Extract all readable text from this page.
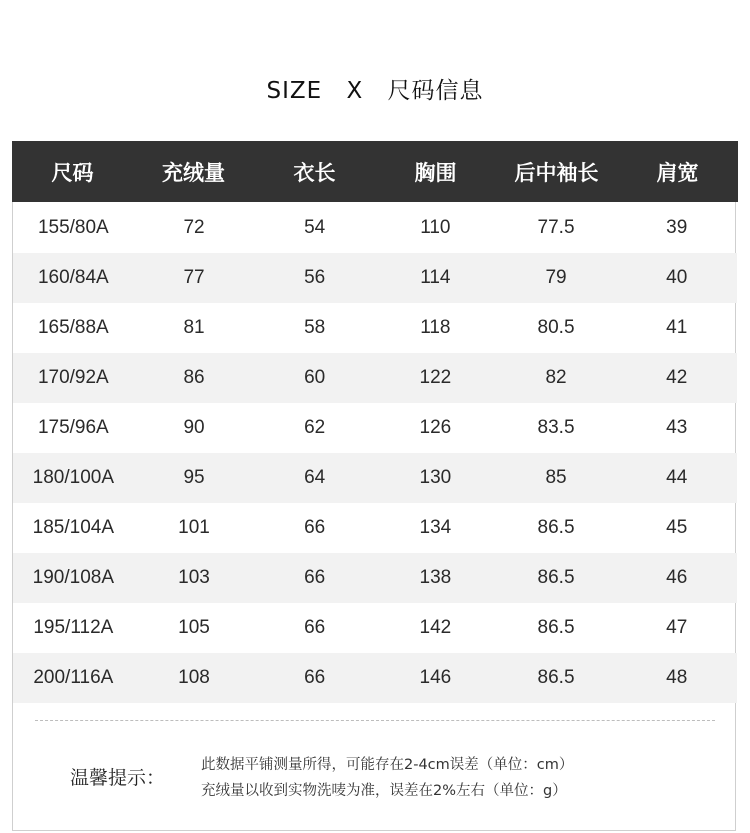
SIZE X 尺码信息
尺码	充绒量	衣长	胸围	后中袖长	肩宽
155/80A	72	54	110	77.5	39
160/84A	77	56	114	79	40
165/88A	81	58	118	80.5	41
170/92A	86	60	122	82	42
175/96A	90	62	126	83.5	43
180/100A	95	64	130	85	44
185/104A	101	66	134	86.5	45
190/108A	103	66	138	86.5	46
195/112A	105	66	142	86.5	47
200/116A	108	66	146	86.5	48
温馨提示：
此数据平铺测量所得，可能存在2-4cm误差（单位：cm）
充绒量以收到实物洗唛为准，误差在2%左右（单位：g）
